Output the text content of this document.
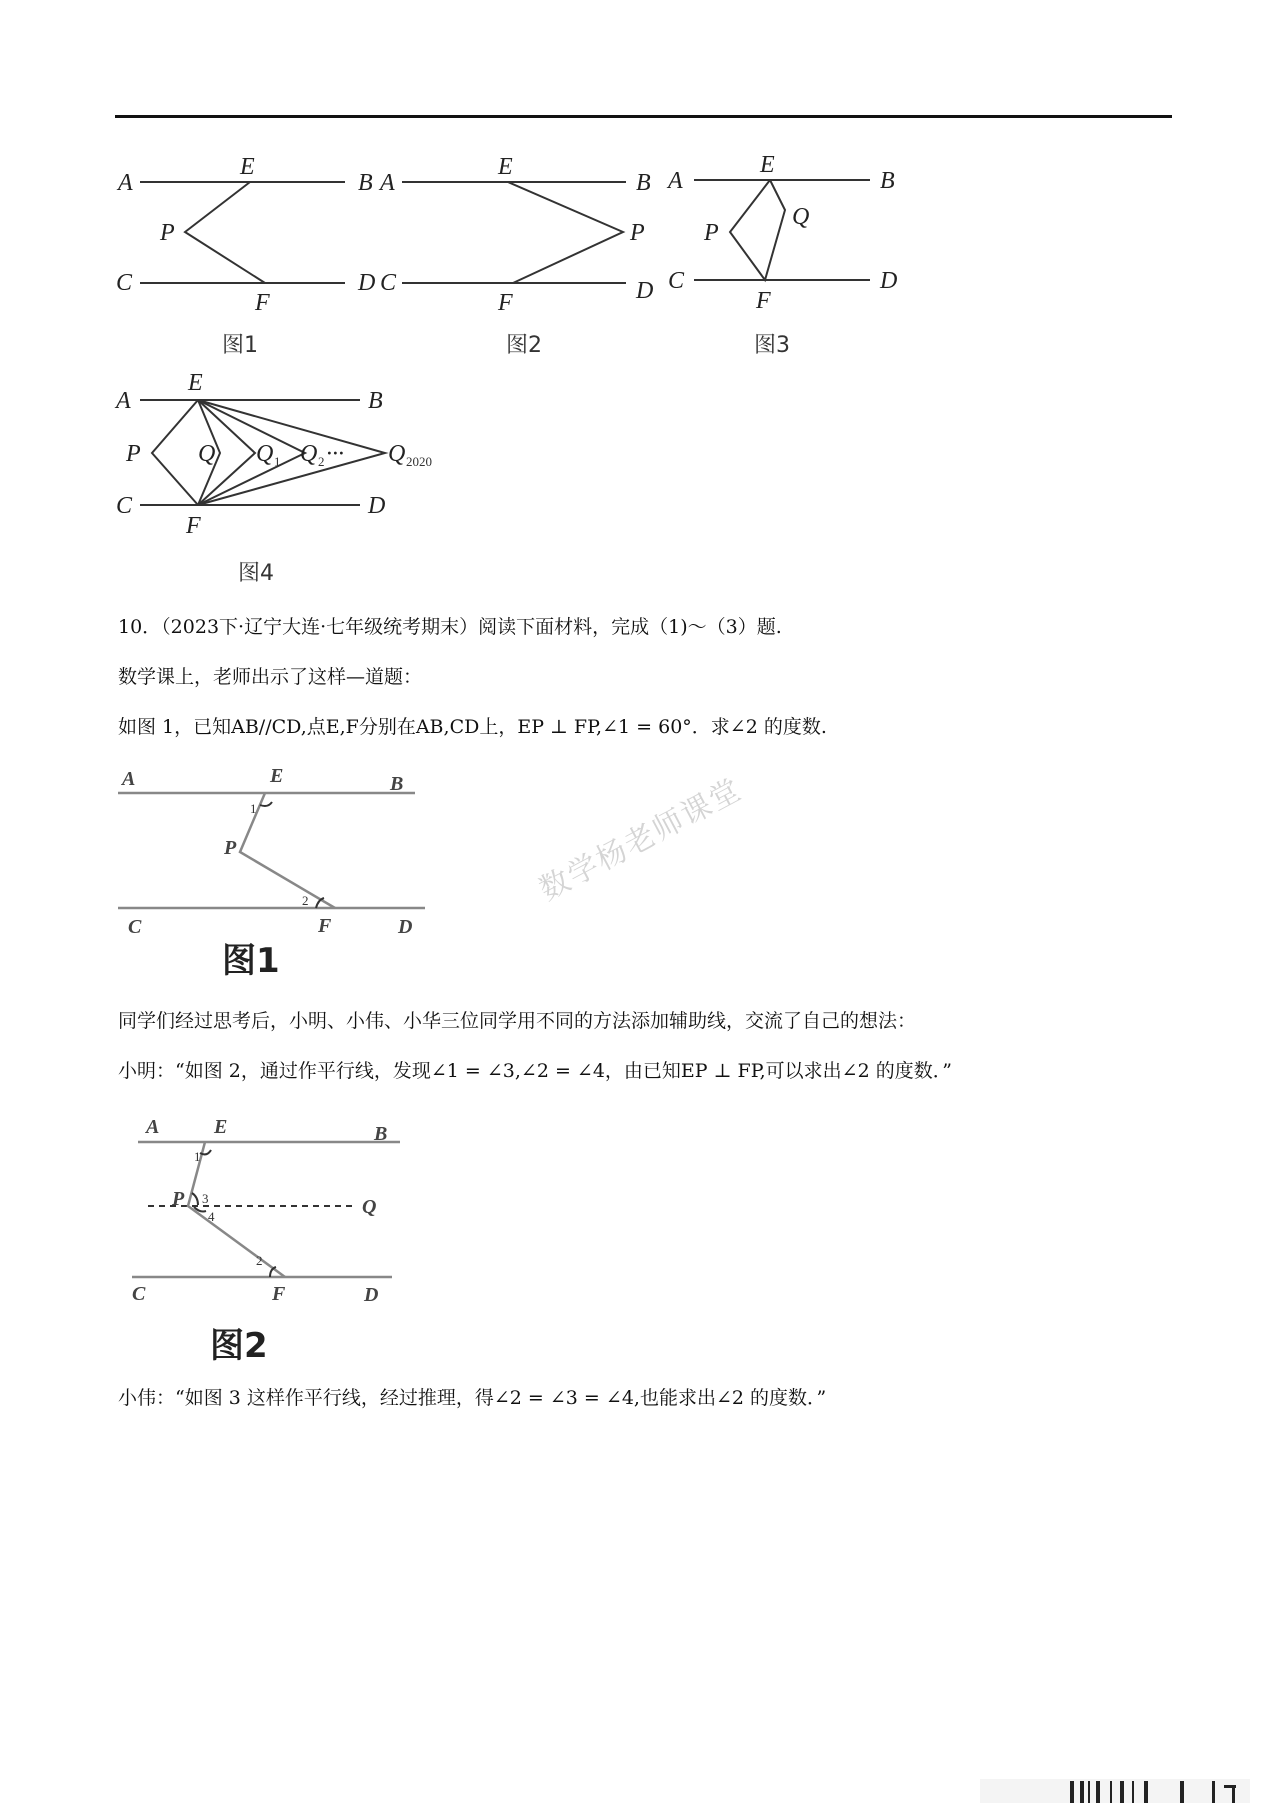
A
E
B
P
C
F
D
图1
A
E
B
P
C
F	D
图2
A
E
B
P
Q
C
F
D
图3
A
E
B
P Q Q 1 Q 2 ··· Q 2020
C
F
D
图4
10．（2023下·辽宁大连·七年级统考期末）阅读下面材料，完成（1)～（3）题.
数学课上，老师出示了这样—道题：
如图 1，已知AB//CD,点E,F分别在AB,CD上，EP ⊥ FP,∠1 = 60°．求∠2 的度数.
A	E	B
1
P
2
C	F	D
图1
数学杨老师课堂
同学们经过思考后，小明、小伟、小华三位同学用不同的方法添加辅助线，交流了自己的想法：
小明：“如图 2，通过作平行线，发现∠1 = ∠3,∠2 = ∠4，由已知EP ⊥ FP,可以求出∠2 的度数．”
A	E	B
1
P 3
4	Q
2
C	F	D
图2
小伟：“如图 3 这样作平行线，经过推理，得∠2 = ∠3 = ∠4,也能求出∠2 的度数．”
